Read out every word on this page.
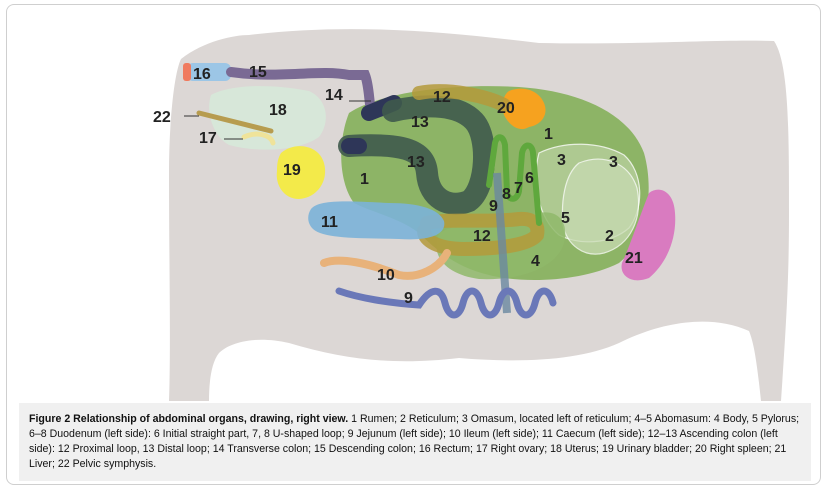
1
1
2
3	3
4
5
6
7
8
9
9
10
11
12
12
13
13
14
15
16
17
18
19
20
21
22
Figure 2 Relationship of abdominal organs, drawing, right view. 1 Rumen; 2 Reticulum; 3 Omasum, located left of reticulum; 4–5 Abomasum: 4 Body, 5 Pylorus; 6–8 Duodenum (left side): 6 Initial straight part, 7, 8 U-shaped loop; 9 Jejunum (left side); 10 Ileum (left side); 11 Caecum (left side); 12–13 Ascending colon (left side): 12 Proximal loop, 13 Distal loop; 14 Transverse colon; 15 Descending colon; 16 Rectum; 17 Right ovary; 18 Uterus; 19 Urinary bladder; 20 Right spleen; 21 Liver; 22 Pelvic symphysis.
